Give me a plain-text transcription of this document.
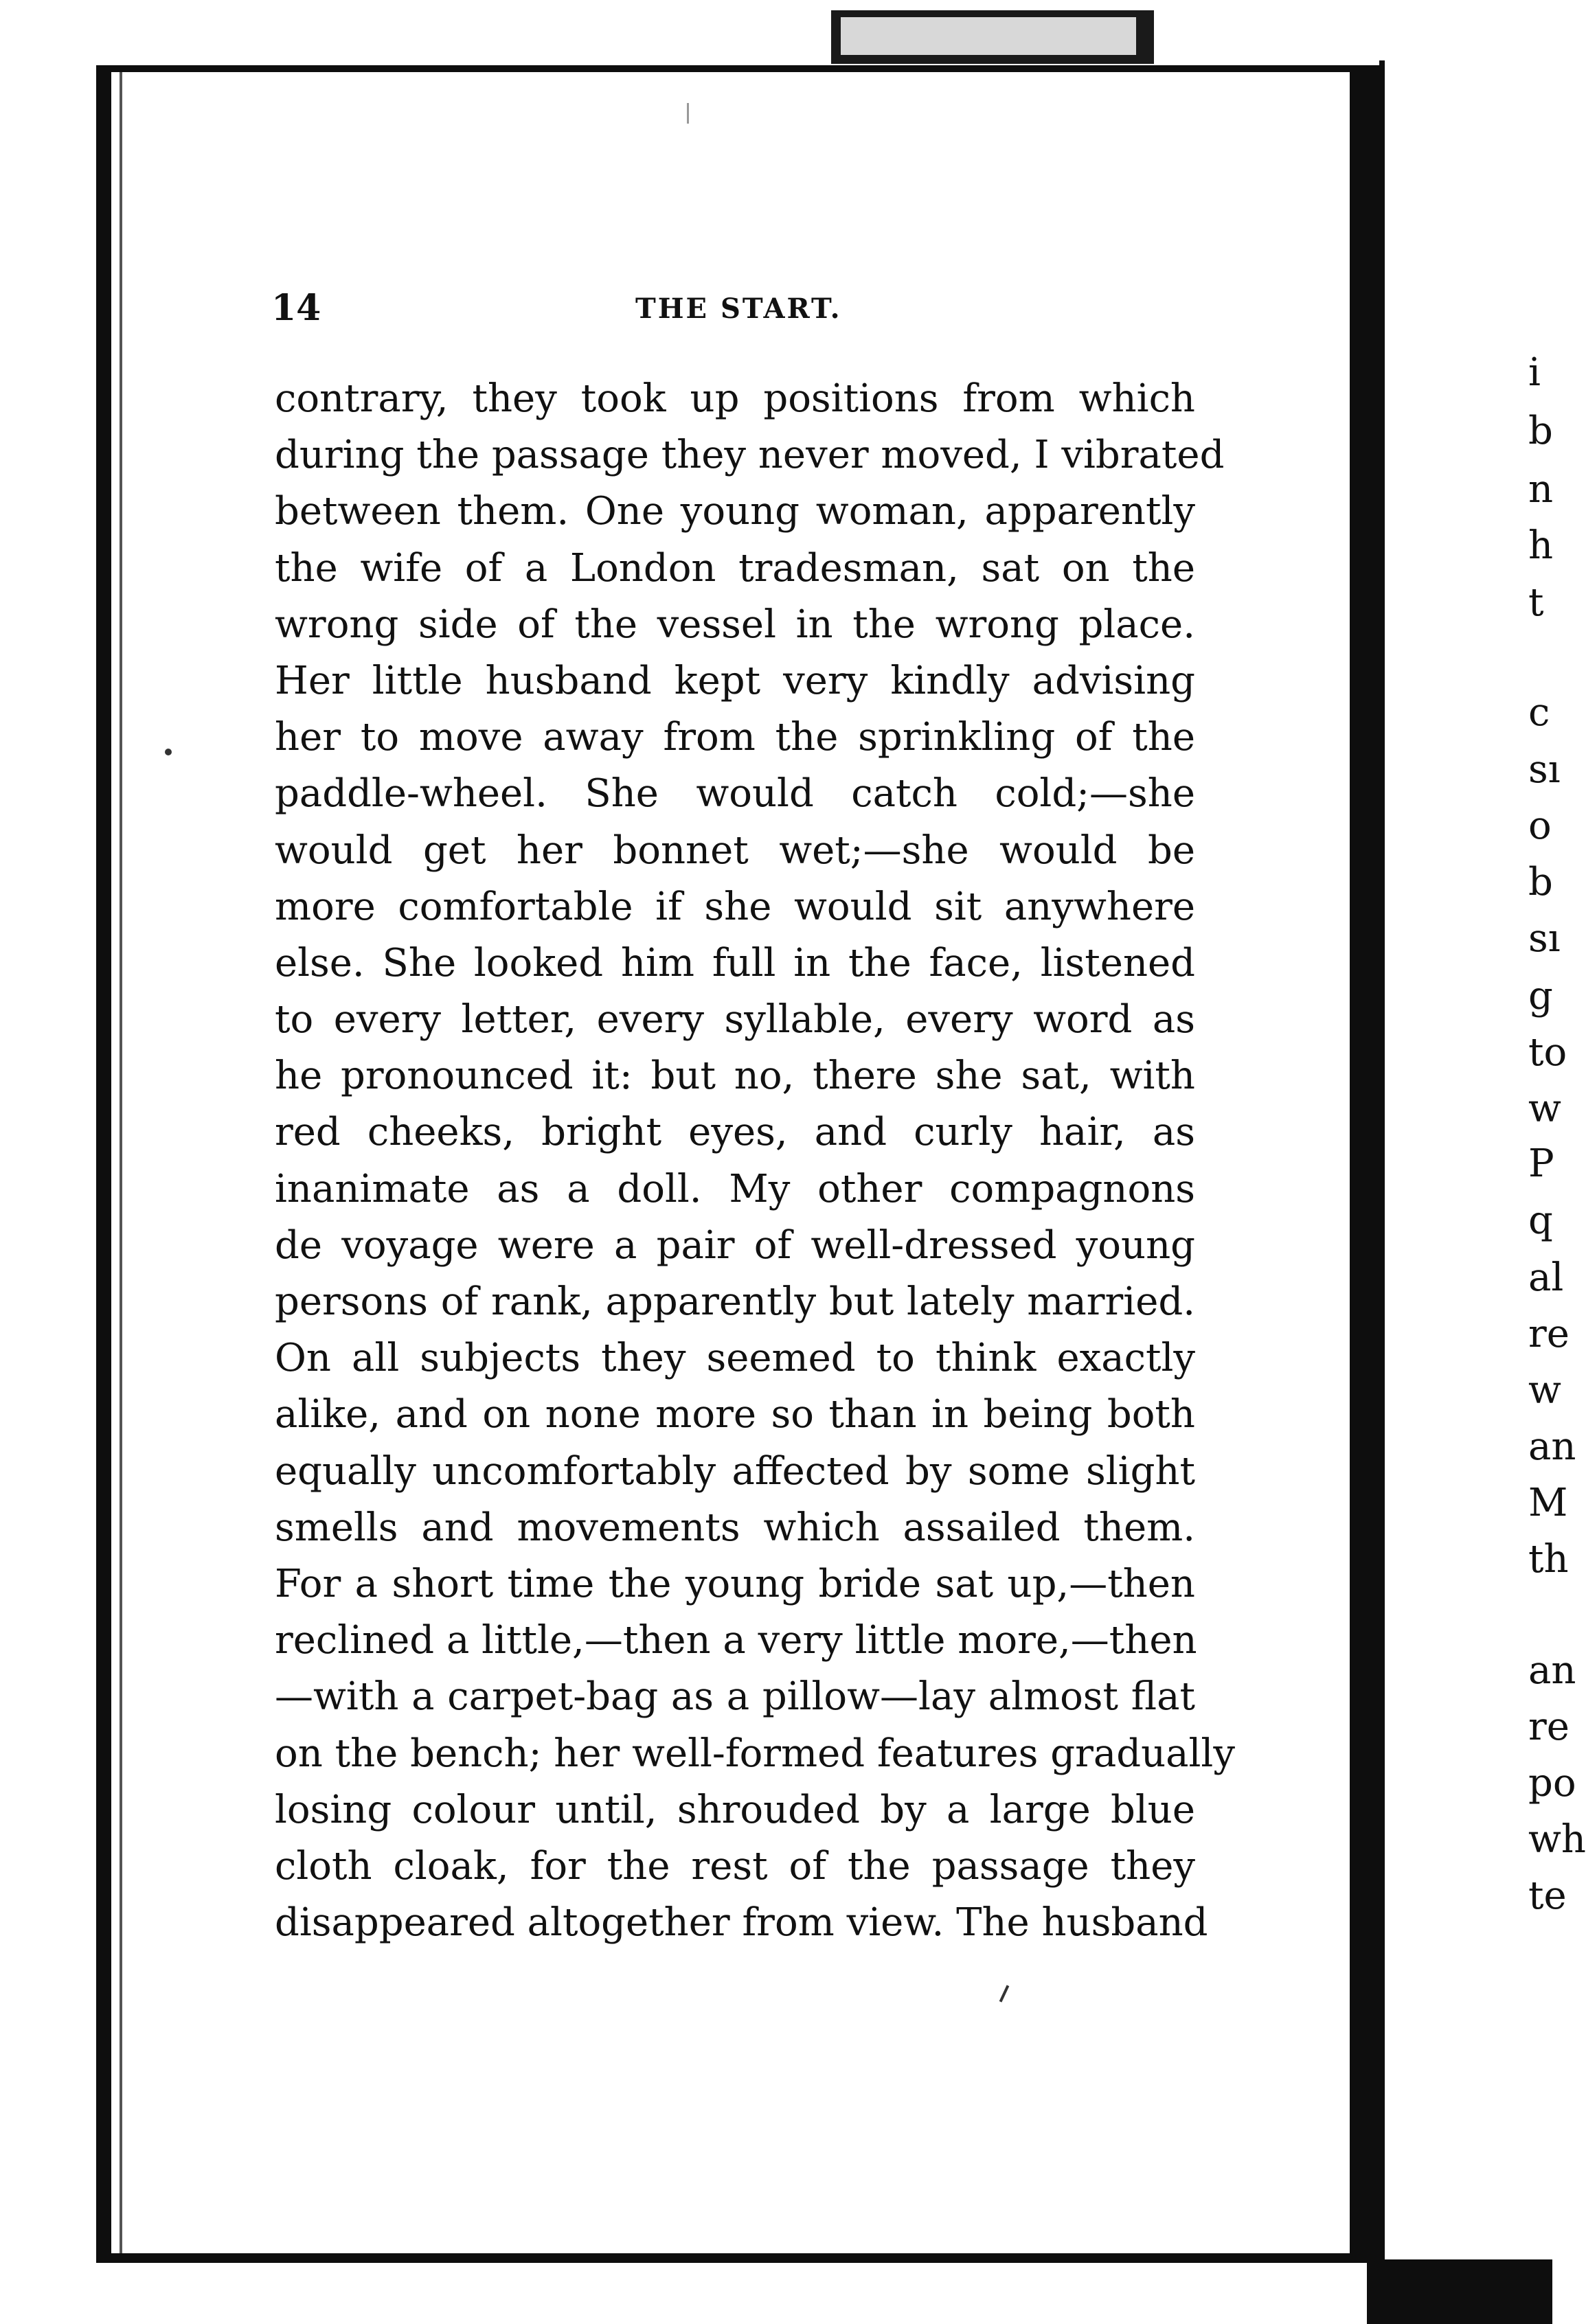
14	THE START.
contrary, they took up positions from which
during the passage they never moved, I vibrated
between them. One young woman, apparently
the wife of a London tradesman, sat on the
wrong side of the vessel in the wrong place.
Her little husband kept very kindly advising
her to move away from the sprinkling of the
paddle-wheel. She would catch cold;—she
would get her bonnet wet;—she would be
more comfortable if she would sit anywhere
else. She looked him full in the face, listened
to every letter, every syllable, every word as
he pronounced it: but no, there she sat, with
red cheeks, bright eyes, and curly hair, as
inanimate as a doll. My other compagnons
de voyage were a pair of well-dressed young
persons of rank, apparently but lately married.
On all subjects they seemed to think exactly
alike, and on none more so than in being both
equally uncomfortably affected by some slight
smells and movements which assailed them.
For a short time the young bride sat up,—then
reclined a little,—then a very little more,—then
—with a carpet-bag as a pillow—lay almost flat
on the bench; her well-formed features gradually
losing colour until, shrouded by a large blue
cloth cloak, for the rest of the passage they
disappeared altogether from view. The husband
i
b
n
h
t
c
sı
o
b
sı
g
to
w
P
q
al
re
w
an
M
th
an
re
po
wh
te
